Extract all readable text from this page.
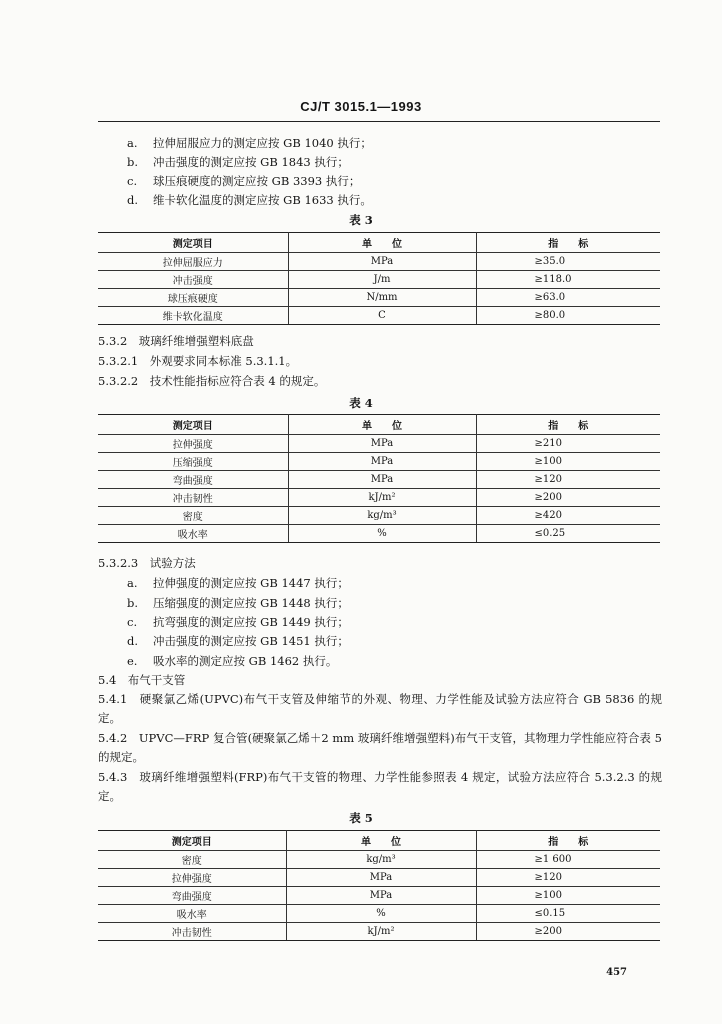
CJ/T 3015.1—1993
a. 拉伸屈服应力的测定应按 GB 1040 执行；
b. 冲击强度的测定应按 GB 1843 执行；
c. 球压痕硬度的测定应按 GB 3393 执行；
d. 维卡软化温度的测定应按 GB 1633 执行。
表 3
测定项目	单　　位	指　　标
拉伸屈服应力	MPa	≥35.0
冲击强度	J/m	≥118.0
球压痕硬度	N/mm	≥63.0
维卡软化温度	C	≥80.0
5.3.2　玻璃纤维增强塑料底盘
5.3.2.1　外观要求同本标准 5.3.1.1。
5.3.2.2　技术性能指标应符合表 4 的规定。
表 4
测定项目	单　　位	指　　标
拉伸强度	MPa	≥210
压缩强度	MPa	≥100
弯曲强度	MPa	≥120
冲击韧性	kJ/m²	≥200
密度	kg/m³	≥420
吸水率	%	≤0.25
5.3.2.3　试验方法
a. 拉伸强度的测定应按 GB 1447 执行；
b. 压缩强度的测定应按 GB 1448 执行；
c. 抗弯强度的测定应按 GB 1449 执行；
d. 冲击强度的测定应按 GB 1451 执行；
e. 吸水率的测定应按 GB 1462 执行。
5.4　布气干支管
5.4.1　硬聚氯乙烯(UPVC)布气干支管及伸缩节的外观、物理、力学性能及试验方法应符合 GB 5836 的规定。
5.4.2　UPVC—FRP 复合管(硬聚氯乙烯＋2 mm 玻璃纤维增强塑料)布气干支管，其物理力学性能应符合表 5 的规定。
5.4.3　玻璃纤维增强塑料(FRP)布气干支管的物理、力学性能参照表 4 规定，试验方法应符合 5.3.2.3 的规定。
表 5
测定项目	单　　位	指　　标
密度	kg/m³	≥1 600
拉伸强度	MPa	≥120
弯曲强度	MPa	≥100
吸水率	%	≤0.15
冲击韧性	kJ/m²	≥200
457
